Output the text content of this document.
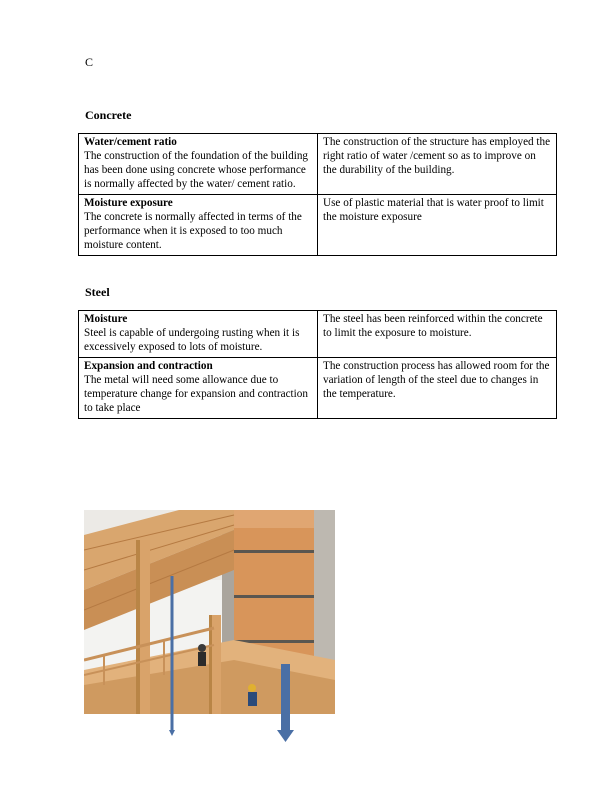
C
Concrete
Water/cement ratio
The construction of the foundation of the building has been done using concrete whose performance is normally affected by the water/ cement ratio.	The construction of the structure has employed the right ratio of water /cement so as to improve on the durability of the building.

Moisture exposure
The concrete is normally affected in terms of the performance when it is exposed to too much moisture content.	Use of plastic material that is water proof to limit the moisture exposure
Steel
Moisture
Steel is capable of undergoing rusting when it is excessively exposed to lots of moisture.	The steel has been reinforced within the concrete to limit the exposure to moisture.

Expansion and contraction
The metal will need some allowance due to temperature change for expansion and contraction to take place	The construction process has allowed room for the variation of length of the steel due to changes in the temperature.
